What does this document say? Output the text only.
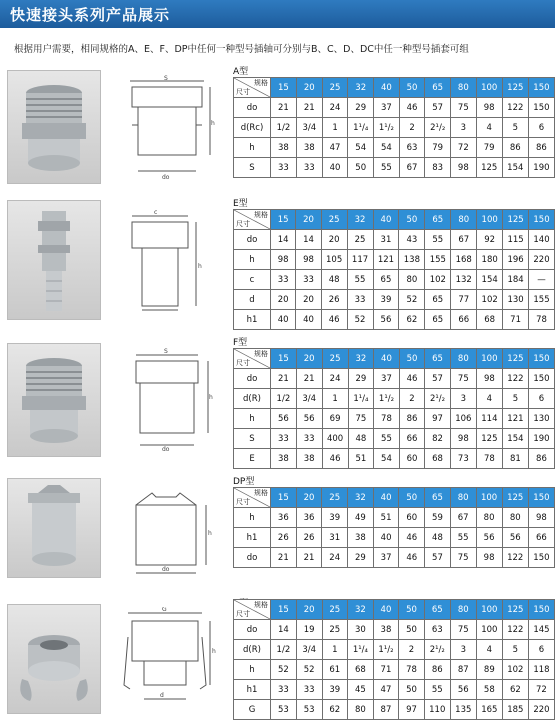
快速接头系列产品展示
根据用户需要，相同规格的A、E、F、DP中任何一种型号插轴可分别与B、C、D、DC中任一种型号插套可组
S
do
h
A型
规格
尺寸	15	20	25	32	40	50	65	80	100	125	150
do	21	21	24	29	37	46	57	75	98	122	150
d(Rc)	1/2	3/4	1	1¹/₄	1¹/₂	2	2¹/₂	3	4	5	6
h	38	38	47	54	54	63	79	72	79	86	86
S	33	33	40	50	55	67	83	98	125	154	190
c
h
E型
规格
尺寸	15	20	25	32	40	50	65	80	100	125	150
do	14	14	20	25	31	43	55	67	92	115	140
h	98	98	105	117	121	138	155	168	180	196	220
c	33	33	48	55	65	80	102	132	154	184	—
d	20	20	26	33	39	52	65	77	102	130	155
h1	40	40	46	52	56	62	65	66	68	71	78
S
do
h
F型
规格
尺寸	15	20	25	32	40	50	65	80	100	125	150
do	21	21	24	29	37	46	57	75	98	122	150
d(R)	1/2	3/4	1	1¹/₄	1¹/₂	2	2¹/₂	3	4	5	6
h	56	56	69	75	78	86	97	106	114	121	130
S	33	33	400	48	55	66	82	98	125	154	190
E	38	38	46	51	54	60	68	73	78	81	86
do
h
DP型
规格
尺寸	15	20	25	32	40	50	65	80	100	125	150
h	36	36	39	49	51	60	59	67	80	80	98
h1	26	26	31	38	40	46	48	55	56	56	66
do	21	21	24	29	37	46	57	75	98	122	150
G
d
h
规格
尺寸	15	20	25	32	40	50	65	80	100	125	150
do	14	19	25	30	38	50	63	75	100	122	145
d(R)	1/2	3/4	1	1¹/₄	1¹/₂	2	2¹/₂	3	4	5	6
h	52	52	61	68	71	78	86	87	89	102	118
h1	33	33	39	45	47	50	55	56	58	62	72
G	53	53	62	80	87	97	110	135	165	185	220
